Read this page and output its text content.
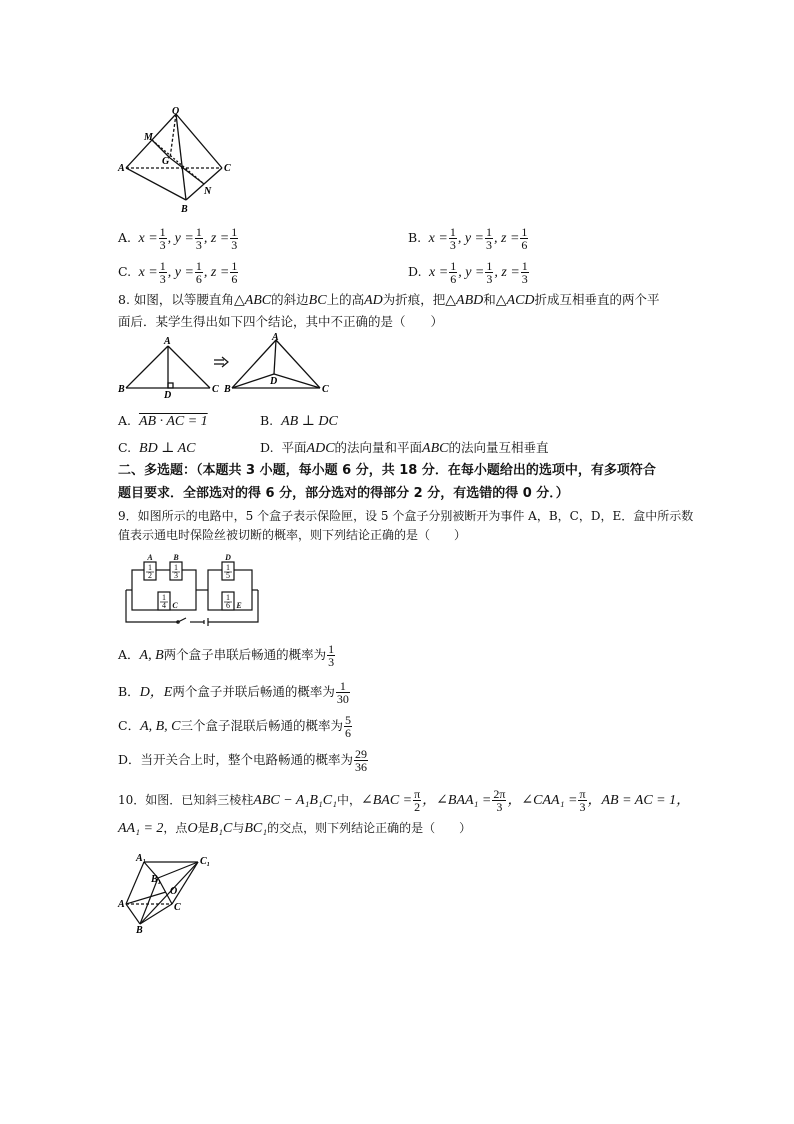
O
M
G
A	C
N
B
A.  $x = \frac{1}{3}$ , $y = \frac{1}{3}$ , $z = \frac{1}{3}$	B.  $x = \frac{1}{3}$ , $y = \frac{1}{3}$ , $z = \frac{1}{6}$
C.  $x = \frac{1}{3}$ , $y = \frac{1}{6}$ , $z = \frac{1}{6}$	D.  $x = \frac{1}{6}$ , $y = \frac{1}{3}$ , $z = \frac{1}{3}$
8. 如图，以等腰直角△ABC的斜边BC上的高AD为折痕，把△ABD和△ACD折成互相垂直的两个平
面后．某学生得出如下四个结论，其中不正确的是（　　）
A
B	C
D
A
B	C
D
A. AB · AC = 1	B. AB ⊥ DC
C. BD ⊥ AC	D. 平面ADC的法向量和平面ABC的法向量互相垂直
二、多选题：（本题共 3 小题，每小题 6 分，共 18 分．在每小题给出的选项中，有多项符合
题目要求．全部选对的得 6 分，部分选对的得部分 2 分，有选错的得 0 分．）
9．如图所示的电路中，5 个盒子表示保险匣，设 5 个盒子分别被断开为事件 A，B，C，D，E．盒中所示数
值表示通电时保险丝被切断的概率，则下列结论正确的是（　　）
A
1
2
B
1
3
1
4 C
D
1
5
1
6 E
A．A, B两个盒子串联后畅通的概率为 $\frac{1}{3}$
B．D，E两个盒子并联后畅通的概率为 $\frac{1}{30}$
C．A, B, C三个盒子混联后畅通的概率为 $\frac{5}{6}$
D．当开关合上时，整个电路畅通的概率为 $\frac{29}{36}$
10．如图．已知斜三棱柱ABC − A₁B₁C₁中，∠BAC = $\frac{\pi}{2}$ ，∠BAA₁ = $\frac{2\pi}{3}$ ，∠CAA₁ = $\frac{\pi}{3}$ ，AB = AC = 1，
AA₁ = 2，点O是B₁C与BC₁的交点，则下列结论正确的是（　　）
A₁	C₁
B₁
O
A	C
B
